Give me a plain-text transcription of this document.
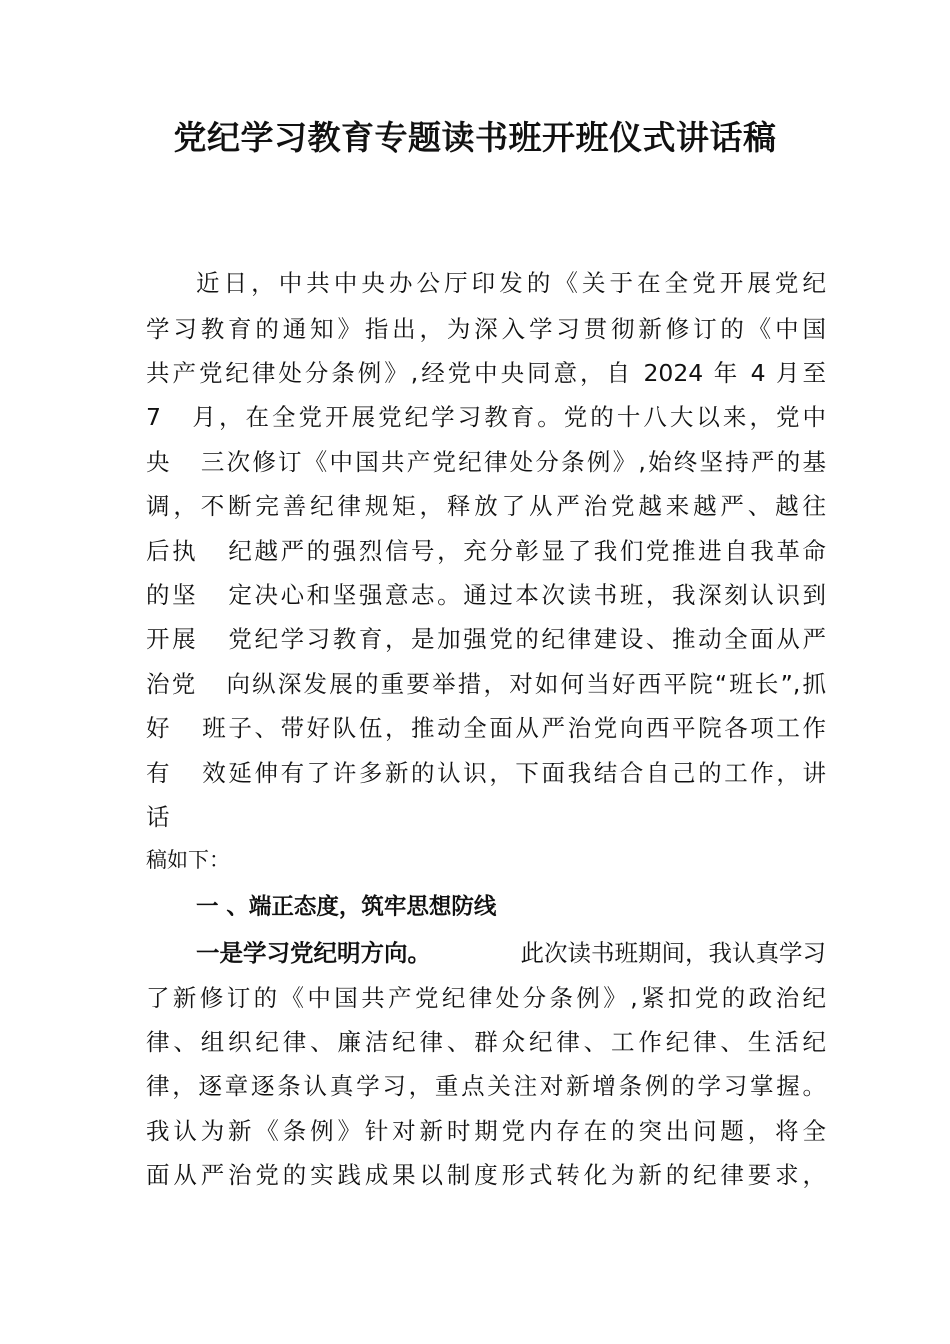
党纪学习教育专题读书班开班仪式讲话稿
近日，中共中央办公厅印发的《关于在全党开展党纪
学习教育的通知》指出，为深入学习贯彻新修订的《中国
共产党纪律处分条例》,经党中央同意，自 2024 年 4 月至
7   月，在全党开展党纪学习教育。党的十八大以来，党中
央   三次修订《中国共产党纪律处分条例》,始终坚持严的基
调，不断完善纪律规矩，释放了从严治党越来越严、越往
后执   纪越严的强烈信号，充分彰显了我们党推进自我革命
的坚   定决心和坚强意志。通过本次读书班，我深刻认识到
开展   党纪学习教育，是加强党的纪律建设、推动全面从严
治党   向纵深发展的重要举措，对如何当好西平院“班长”,抓
好   班子、带好队伍，推动全面从严治党向西平院各项工作
有   效延伸有了许多新的认识，下面我结合自己的工作，讲
话
稿如下：
一 、端正态度，筑牢思想防线
一是学习党纪明方向。	此次读书班期间，我认真学习
了新修订的《中国共产党纪律处分条例》,紧扣党的政治纪
律、组织纪律、廉洁纪律、群众纪律、工作纪律、生活纪
律，逐章逐条认真学习，重点关注对新增条例的学习掌握。
我认为新《条例》针对新时期党内存在的突出问题，将全
面从严治党的实践成果以制度形式转化为新的纪律要求，
